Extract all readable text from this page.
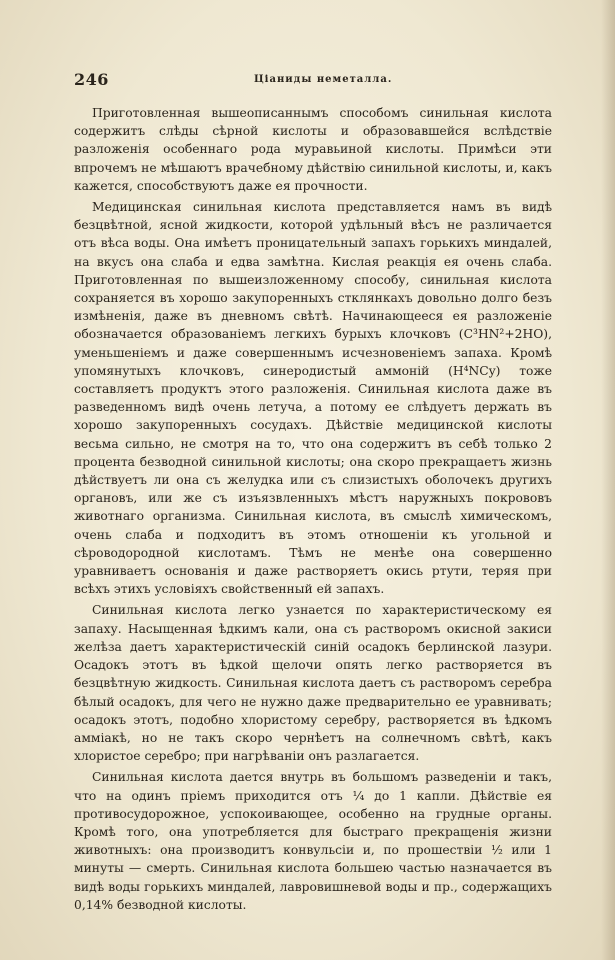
246	Ціаниды неметалла.

Приготовленная вышеописаннымъ способомъ синильная кислота содержитъ слѣды сѣрной кислоты и образовавшейся вслѣдствіе разложенія особеннаго рода муравьиной кислоты. Примѣси эти впрочемъ не мѣшаютъ врачебному дѣйствію синильной кислоты, и, какъ кажется, способствуютъ даже ея прочности.

Медицинская синильная кислота представляется намъ въ видѣ безцвѣтной, ясной жидкости, которой удѣльный вѣсъ не различается отъ вѣса воды. Она имѣетъ проницательный запахъ горькихъ миндалей, на вкусъ она слаба и едва замѣтна. Кислая реакція ея очень слаба. Приготовленная по вышеизложенному способу, синильная кислота сохраняется въ хорошо закупоренныхъ стклянкахъ довольно долго безъ измѣненія, даже въ дневномъ свѣтѣ. Начинающееся ея разложеніе обозначается образованіемъ легкихъ бурыхъ клочковъ (C³HN²+2HO), уменьшеніемъ и даже совершеннымъ исчезновеніемъ запаха. Кромѣ упомянутыхъ клочковъ, синеродистый аммоній (H⁴NCy) тоже составляетъ продуктъ этого разложенія. Синильная кислота даже въ разведенномъ видѣ очень летуча, а потому ее слѣдуетъ держать въ хорошо закупоренныхъ сосудахъ. Дѣйствіе медицинской кислоты весьма сильно, не смотря на то, что она содержитъ въ себѣ только 2 процента безводной синильной кислоты; она скоро прекращаетъ жизнь дѣйствуетъ ли она съ желудка или съ слизистыхъ оболочекъ другихъ органовъ, или же съ изъязвленныхъ мѣстъ наружныхъ покрововъ животнаго организма. Синильная кислота, въ смыслѣ химическомъ, очень слаба и подходитъ въ этомъ отношеніи къ угольной и сѣроводородной кислотамъ. Тѣмъ не менѣе она совершенно уравниваетъ основанія и даже растворяетъ окись ртути, теряя при всѣхъ этихъ условіяхъ свойственный ей запахъ.

Синильная кислота легко узнается по характеристическому ея запаху. Насыщенная ѣдкимъ кали, она съ растворомъ окисной закиси желѣза даетъ характеристическій синій осадокъ берлинской лазури. Осадокъ этотъ въ ѣдкой щелочи опять легко растворяется въ безцвѣтную жидкость. Синильная кислота даетъ съ растворомъ серебра бѣлый осадокъ, для чего не нужно даже предварительно ее уравнивать; осадокъ этотъ, подобно хлористому серебру, растворяется въ ѣдкомъ амміакѣ, но не такъ скоро чернѣетъ на солнечномъ свѣтѣ, какъ хлористое серебро; при нагрѣваніи онъ разлагается.

Синильная кислота дается внутрь въ большомъ разведеніи и такъ, что на одинъ пріемъ приходится отъ ¼ до 1 капли. Дѣйствіе ея противосудорожное, успокоивающее, особенно на грудные органы. Кромѣ того, она употребляется для быстраго прекращенія жизни животныхъ: она производитъ конвульсіи и, по прошествіи ½ или 1 минуты — смерть. Синильная кислота большею частью назначается въ видѣ воды горькихъ миндалей, лавровишневой воды и пр., содержащихъ 0,14% безводной кислоты.
